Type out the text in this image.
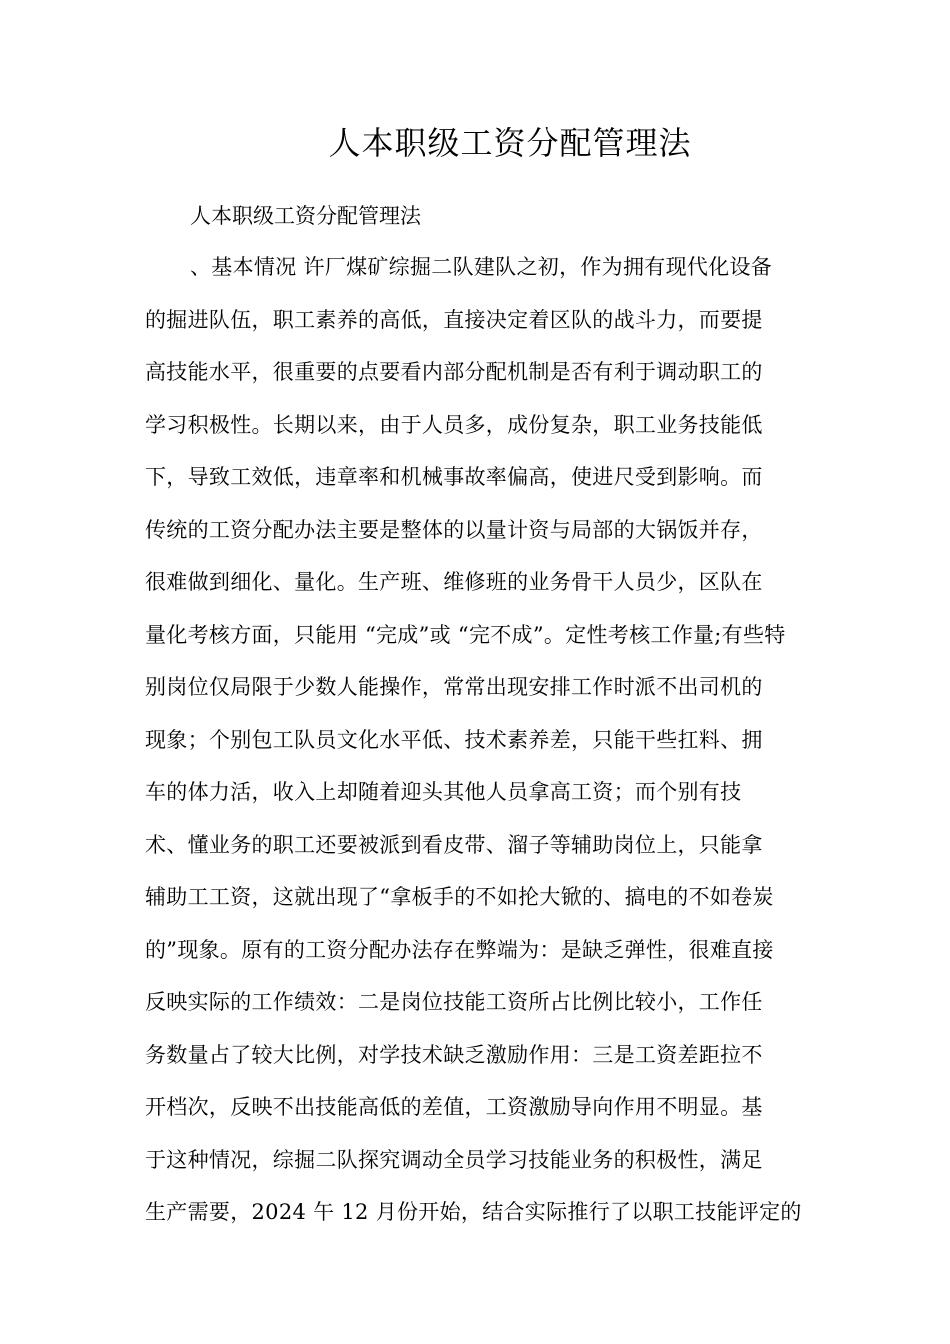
人本职级工资分配管理法

人本职级工资分配管理法

、基本情况 许厂煤矿综掘二队建队之初，作为拥有现代化设备
的掘进队伍，职工素养的高低，直接决定着区队的战斗力，而要提
高技能水平，很重要的点要看内部分配机制是否有利于调动职工的
学习积极性。长期以来，由于人员多，成份复杂，职工业务技能低
下，导致工效低，违章率和机械事故率偏高，使进尺受到影响。而
传统的工资分配办法主要是整体的以量计资与局部的大锅饭并存，
很难做到细化、量化。生产班、维修班的业务骨干人员少，区队在
量化考核方面，只能用 “完成”或 “完不成”。定性考核工作量;有些特
别岗位仅局限于少数人能操作，常常出现安排工作时派不出司机的
现象；个别包工队员文化水平低、技术素养差，只能干些扛料、拥
车的体力活，收入上却随着迎头其他人员拿高工资；而个别有技
术、懂业务的职工还要被派到看皮带、溜子等辅助岗位上，只能拿
辅助工工资，这就出现了“拿板手的不如抡大锨的、搞电的不如卷炭
的”现象。原有的工资分配办法存在弊端为：是缺乏弹性，很难直接
反映实际的工作绩效：二是岗位技能工资所占比例比较小，工作任
务数量占了较大比例，对学技术缺乏激励作用：三是工资差距拉不
开档次，反映不出技能高低的差值，工资激励导向作用不明显。基
于这种情况，综掘二队探究调动全员学习技能业务的积极性，满足
生产需要，2024 午 12 月份开始，结合实际推行了以职工技能评定的
